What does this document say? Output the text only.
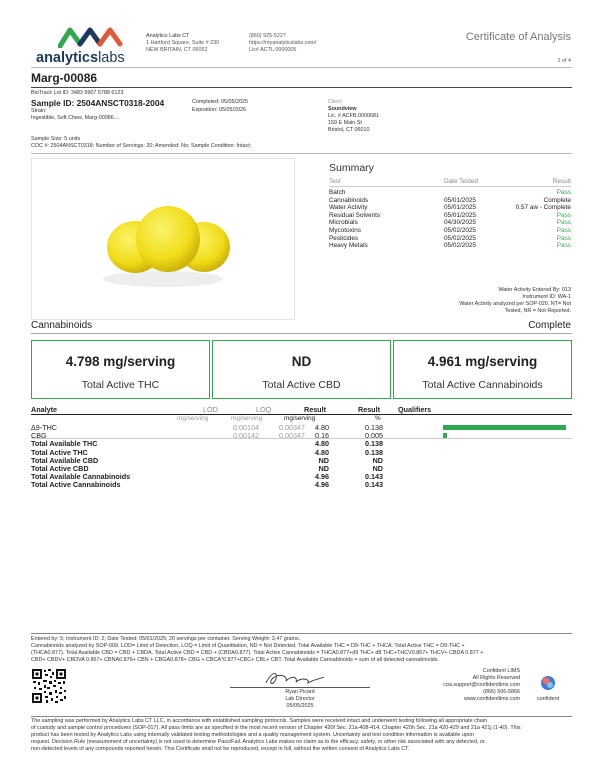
analyticslabs
Analytics Labs CT
1 Hartford Square, Suite # 230
NEW BRITAIN, CT 06052
(860) 925-5227
https://myanalyticslabs.com/
Lic# ACTL.0000005
Certificate of Analysis
1 of 4
Marg-00086
BioTrack Lot ID: 3483 9907 5788 6123
Sample ID: 2504ANSCT0318-2004	Completed: 05/05/2025
Expiration: 05/05/2026
Strain:
Ingestible, Soft Chew, Marg-00086…
Sample Size: 5 units
COC #: 2504ANSCT0318; Number of Servings: 20; Amended: No; Sample Condition: Intact;
Client
Soundview
Lic. # ACFB.0000681
159 E Main St
Bristol, CT 06010
Summary
Test	Date Tested	Result
Batch	Pass
Cannabinoids	05/01/2025	Complete
Water Activity	05/01/2025	0.57 aw - Complete
Residual Solvents	05/01/2025	Pass
Microbials	04/30/2025	Pass
Mycotoxins	05/02/2025	Pass
Pesticides	05/02/2025	Pass
Heavy Metals	05/02/2025	Pass
Water Activity Entered By: 013
Instrument ID: WA-1
Water Activity analyzed per SOP-020. NT= Not
Tested, NR = Not Reported.
Cannabinoids	Complete
4.798 mg/serving
Total Active THC
ND
Total Active CBD
4.961 mg/serving
Total Active Cannabinoids
Analyte	LOD	LOQ	Result	Result	Qualifiers
mg/serving	mg/serving	mg/serving	%
Δ9-THC	0.00104	0.00347	4.80	0.138
CBG	0.00142	0.00347	0.16	0.005
Total Available THC	4.80	0.138
Total Active THC	4.80	0.138
Total Available CBD	ND	ND
Total Active CBD	ND	ND
Total Available Cannabinoids	4.96	0.143
Total Active Cannabinoids	4.96	0.143
Entered by: 5; Instrument ID: 2; Date Tested: 05/01/2025; 20 servings per container. Serving Weight: 3.47 grams.
Cannabinoids analyzed by SOP-009. LOD= Limit of Detection, LOQ = Limit of Quantitation, ND = Not Detected. Total Available THC = D9-THC + THCA. Total Active THC = D9-THC +
(THCA0.877). Total Available CBD = CBD + CBDA. Total Active CBD = CBD + (CBDA0.877). Total Active Cannabinoids = THCA0.877+d9 THC+ d8 THC+THCV0.867+ THCV+ CBDA 0.877 +
CBD+ CBDV+ CBDVA 0.867+ CBNA0.876+ CBN + CBGA0.878+ CBG + CBCA*0.877+CBC+ CBL+ CBT. Total Available Cannabinoids = sum of all detected cannabinoids.
Ryan Picard
Lab Director
05/05/2025
Confident LIMS
All Rights Reserved
coa.support@confidentlims.com
(866) 506-5866
www.confidentlims.com	confident
The sampling was performed by Analytics Labs CT LLC, in accordance with established sampling protocols. Samples were received intact and underwent testing following all appropriate chain
of custody and sample control procedures (SOP-017). All pass limits are as specified in the most recent version of Chapter 420f Sec. 21a-408-414, Chapter 420h Sec. 21a 420-429 and 21a 421j (1-40). This
product has been tested by Analytics Labs using internally validated testing methodologies and a quality management system. Uncertainty and test condition information is available upon
request. Decision Rule (measurement of uncertainty) is not used to determine Pass/Fail. Analytics Labs makes no claim as to the efficacy, safety, or other risk associated with any detected, or
non-detected levels of any compounds reported herein. This Certificate shall not be reproduced, except in full, without the written consent of Analytics Labs CT.
